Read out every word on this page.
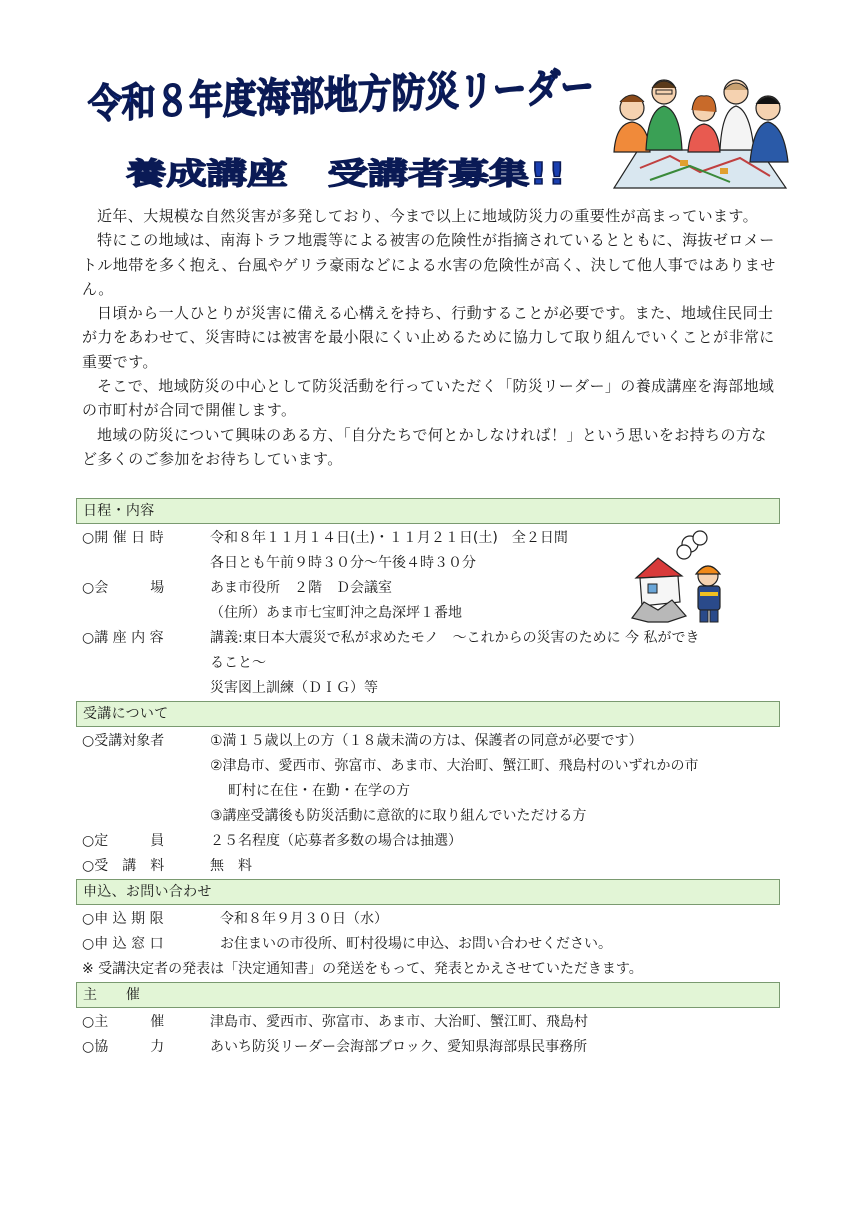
令和８年度海部地方防災リーダー
養成講座　受講者募集!!

近年、大規模な自然災害が多発しており、今まで以上に地域防災力の重要性が高まっています。

特にこの地域は、南海トラフ地震等による被害の危険性が指摘されているとともに、海抜ゼロメートル地帯を多く抱え、台風やゲリラ豪雨などによる水害の危険性が高く、決して他人事ではありません。

日頃から一人ひとりが災害に備える心構えを持ち、行動することが必要です。また、地域住民同士が力をあわせて、災害時には被害を最小限にくい止めるために協力して取り組んでいくことが非常に重要です。

そこで、地域防災の中心として防災活動を行っていただく「防災リーダー」の養成講座を海部地域の市町村が合同で開催します。

地域の防災について興味のある方、「自分たちで何とかしなければ！」という思いをお持ちの方など多くのご参加をお待ちしています。

日程・内容
○開 催 日 時	令和８年１１月１４日(土)・１１月２１日(土)　全２日間
各日とも午前９時３０分～午後４時３０分
○会　　　場	あま市役所　２階　Ｄ会議室
（住所）あま市七宝町沖之島深坪１番地
○講 座 内 容	講義:東日本大震災で私が求めたモノ　～これからの災害のために 今 私ができ
ること～
災害図上訓練（ＤＩＧ）等
受講について
○受講対象者	①満１５歳以上の方（１８歳未満の方は、保護者の同意が必要です）
②津島市、愛西市、弥富市、あま市、大治町、蟹江町、飛島村のいずれかの市
町村に在住・在勤・在学の方
③講座受講後も防災活動に意欲的に取り組んでいただける方
○定　　　員	２５名程度（応募者多数の場合は抽選）
○受　講　料	無　料
申込、お問い合わせ
○申 込 期 限	令和８年９月３０日（水）
○申 込 窓 口	お住まいの市役所、町村役場に申込、お問い合わせください。
※ 受講決定者の発表は「決定通知書」の発送をもって、発表とかえさせていただきます。
主　　催
○主　　　催	津島市、愛西市、弥富市、あま市、大治町、蟹江町、飛島村
○協　　　力	あいち防災リーダー会海部ブロック、愛知県海部県民事務所
